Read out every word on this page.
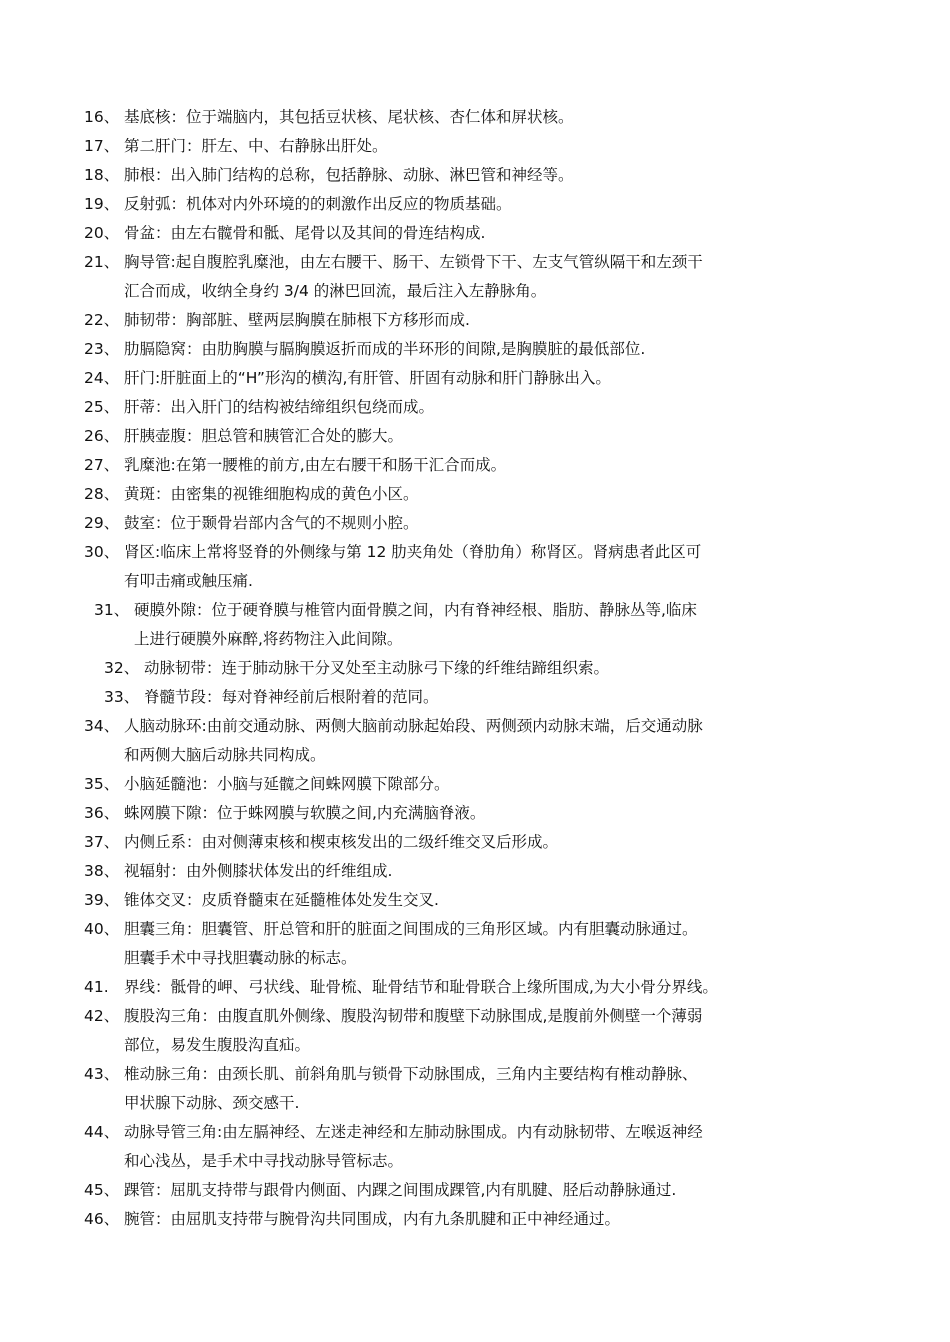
16、 基底核：位于端脑内，其包括豆状核、尾状核、杏仁体和屏状核。
17、 第二肝门：肝左、中、右静脉出肝处。
18、 肺根：出入肺门结构的总称，包括静脉、动脉、淋巴管和神经等。
19、 反射弧：机体对内外环境的的刺激作出反应的物质基础。
20、 骨盆：由左右髋骨和骶、尾骨以及其间的骨连结构成.
21、 胸导管:起自腹腔乳糜池，由左右腰干、肠干、左锁骨下干、左支气管纵隔干和左颈干
汇合而成，收纳全身约 3/4 的淋巴回流，最后注入左静脉角。
22、 肺韧带：胸部脏、壁两层胸膜在肺根下方移形而成.
23、 肋膈隐窝：由肋胸膜与膈胸膜返折而成的半环形的间隙,是胸膜脏的最低部位.
24、 肝门:肝脏面上的“H”形沟的横沟,有肝管、肝固有动脉和肝门静脉出入。
25、 肝蒂：出入肝门的结构被结缔组织包绕而成。
26、 肝胰壶腹：胆总管和胰管汇合处的膨大。
27、 乳糜池:在第一腰椎的前方,由左右腰干和肠干汇合而成。
28、 黄斑：由密集的视锥细胞构成的黄色小区。
29、 鼓室：位于颞骨岩部内含气的不规则小腔。
30、 肾区:临床上常将竖脊的外侧缘与第 12 肋夹角处（脊肋角）称肾区。肾病患者此区可
有叩击痛或触压痛.
31、 硬膜外隙：位于硬脊膜与椎管内面骨膜之间，内有脊神经根、脂肪、静脉丛等,临床
上进行硬膜外麻醉,将药物注入此间隙。
32、 动脉韧带：连于肺动脉干分叉处至主动脉弓下缘的纤维结蹄组织索。
33、 脊髓节段：每对脊神经前后根附着的范同。
34、 人脑动脉环:由前交通动脉、两侧大脑前动脉起始段、两侧颈内动脉末端，后交通动脉
和两侧大脑后动脉共同构成。
35、 小脑延髓池：小脑与延髋之间蛛网膜下隙部分。
36、 蛛网膜下隙：位于蛛网膜与软膜之间,内充满脑脊液。
37、 内侧丘系：由对侧薄束核和楔束核发出的二级纤维交叉后形成。
38、 视辐射：由外侧膝状体发出的纤维组成.
39、 锥体交叉：皮质脊髓束在延髓椎体处发生交叉.
40、 胆囊三角：胆囊管、肝总管和肝的脏面之间围成的三角形区域。内有胆囊动脉通过。
胆囊手术中寻找胆囊动脉的标志。
41. 界线：骶骨的岬、弓状线、耻骨梳、耻骨结节和耻骨联合上缘所围成,为大小骨分界线。
42、 腹股沟三角：由腹直肌外侧缘、腹股沟韧带和腹壁下动脉围成,是腹前外侧壁一个薄弱
部位，易发生腹股沟直疝。
43、 椎动脉三角：由颈长肌、前斜角肌与锁骨下动脉围成，三角内主要结构有椎动静脉、
甲状腺下动脉、颈交感干.
44、 动脉导管三角:由左膈神经、左迷走神经和左肺动脉围成。内有动脉韧带、左喉返神经
和心浅丛，是手术中寻找动脉导管标志。
45、 踝管：屈肌支持带与跟骨内侧面、内踝之间围成踝管,内有肌腱、胫后动静脉通过.
46、 腕管：由屈肌支持带与腕骨沟共同围成，内有九条肌腱和正中神经通过。
